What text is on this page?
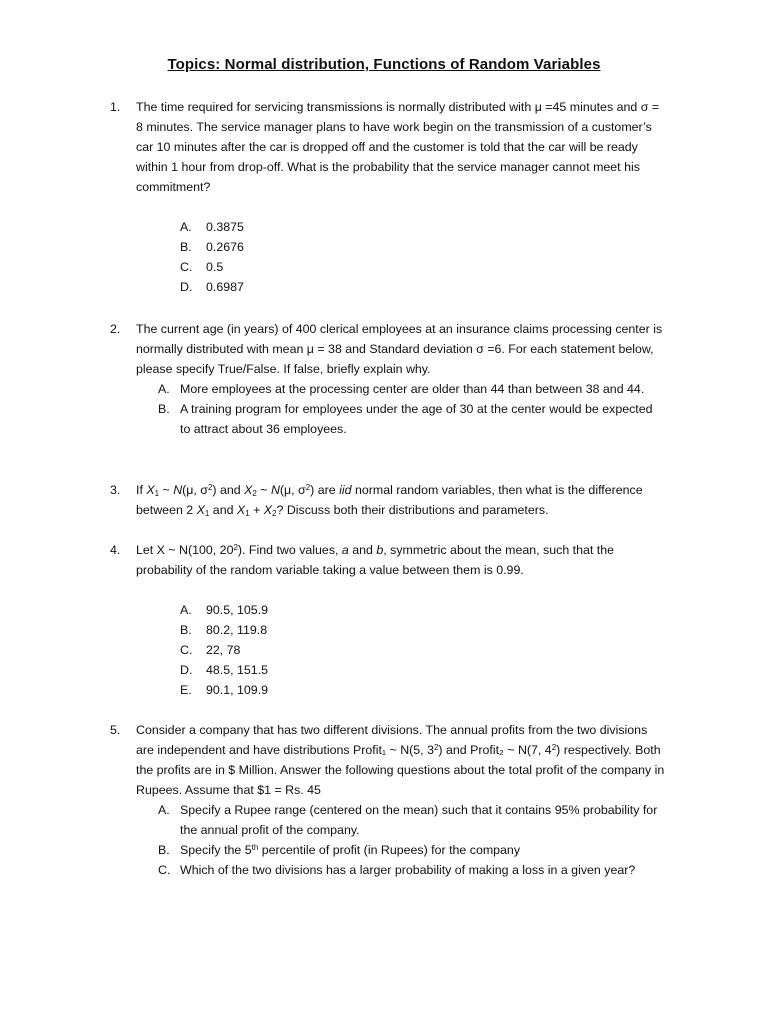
Topics: Normal distribution, Functions of Random Variables
1.	The time required for servicing transmissions is normally distributed with μ =45 minutes and σ = 8 minutes. The service manager plans to have work begin on the transmission of a customer’s car 10 minutes after the car is dropped off and the customer is told that the car will be ready within 1 hour from drop-off. What is the probability that the service manager cannot meet his commitment?
A. 0.3875
B. 0.2676
C. 0.5
D. 0.6987
2.	The current age (in years) of 400 clerical employees at an insurance claims processing center is normally distributed with mean μ = 38 and Standard deviation σ =6. For each statement below, please specify True/False. If false, briefly explain why.
A. More employees at the processing center are older than 44 than between 38 and 44.
B. A training program for employees under the age of 30 at the center would be expected to attract about 36 employees.
3.	If X1 ~ N(μ, $\sigma^2$) and X2 ~ N(μ, $\sigma^2$) are iid normal random variables, then what is the difference between 2 X1 and X1 + X2? Discuss both their distributions and parameters.
4.	Let X ~ N(100, $20^2$). Find two values, a and b, symmetric about the mean, such that the probability of the random variable taking a value between them is 0.99.
A. 90.5, 105.9
B. 80.2, 119.8
C. 22, 78
D. 48.5, 151.5
E. 90.1, 109.9
5.	Consider a company that has two different divisions. The annual profits from the two divisions are independent and have distributions Profit₁ ~ N(5, $3^2$) and Profit₂ ~ N(7, $4^2$) respectively. Both the profits are in $ Million. Answer the following questions about the total profit of the company in Rupees. Assume that $1 = Rs. 45
A. Specify a Rupee range (centered on the mean) such that it contains 95% probability for the annual profit of the company.
B. Specify the 5th percentile of profit (in Rupees) for the company
C. Which of the two divisions has a larger probability of making a loss in a given year?
